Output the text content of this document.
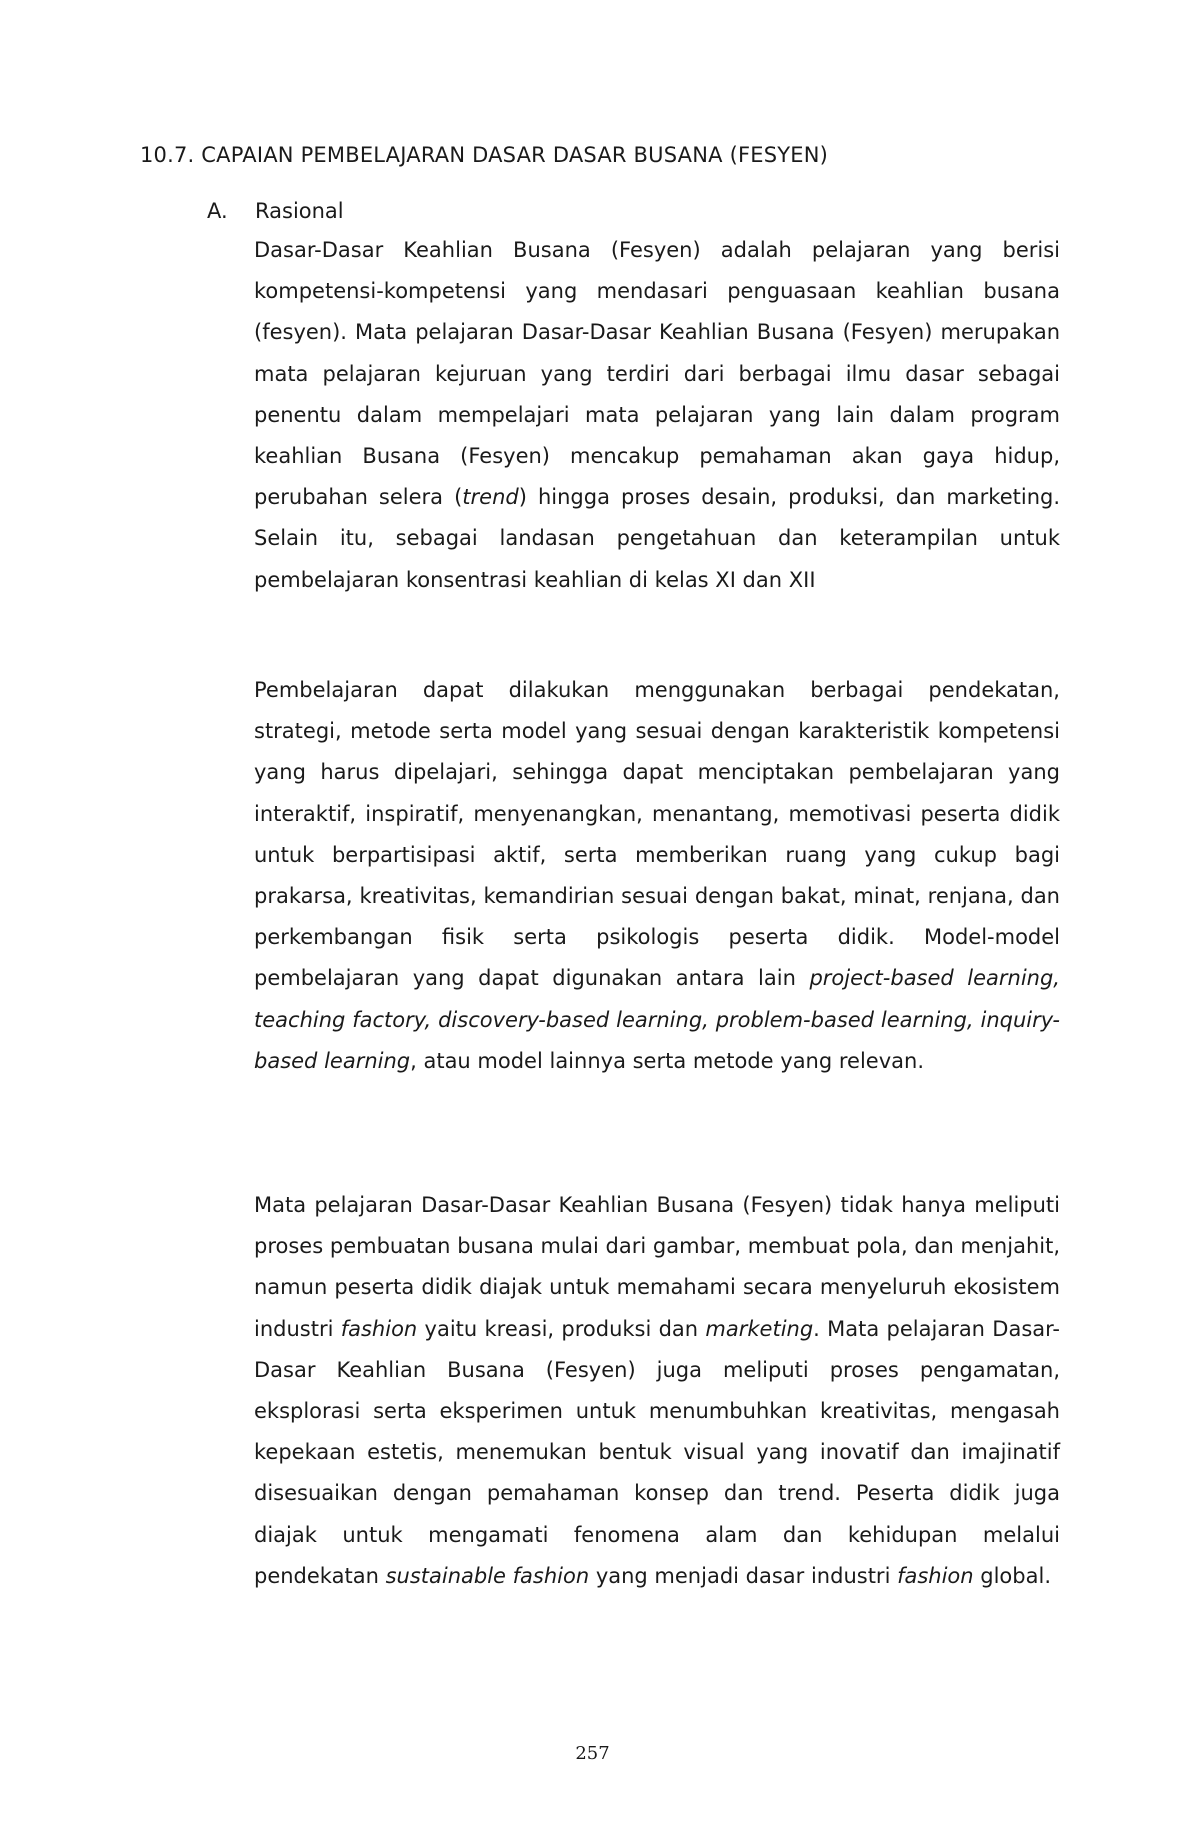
10.7. CAPAIAN PEMBELAJARAN DASAR DASAR BUSANA (FESYEN)
A. Rasional

Dasar-Dasar Keahlian Busana (Fesyen) adalah pelajaran yang berisi kompetensi-kompetensi yang mendasari penguasaan keahlian busana (fesyen). Mata pelajaran Dasar-Dasar Keahlian Busana (Fesyen) merupakan mata pelajaran kejuruan yang terdiri dari berbagai ilmu dasar sebagai penentu dalam mempelajari mata pelajaran yang lain dalam program keahlian Busana (Fesyen) mencakup pemahaman akan gaya hidup, perubahan selera (trend) hingga proses desain, produksi, dan marketing. Selain itu, sebagai landasan pengetahuan dan keterampilan untuk pembelajaran konsentrasi keahlian di kelas XI dan XII

Pembelajaran dapat dilakukan menggunakan berbagai pendekatan, strategi, metode serta model yang sesuai dengan karakteristik kompetensi yang harus dipelajari, sehingga dapat menciptakan pembelajaran yang interaktif, inspiratif, menyenangkan, menantang, memotivasi peserta didik untuk berpartisipasi aktif, serta memberikan ruang yang cukup bagi prakarsa, kreativitas, kemandirian sesuai dengan bakat, minat, renjana, dan perkembangan fisik serta psikologis peserta didik. Model-model pembelajaran yang dapat digunakan antara lain project-based learning, teaching factory, discovery-based learning, problem-based learning, inquiry-based learning, atau model lainnya serta metode yang relevan.

Mata pelajaran Dasar-Dasar Keahlian Busana (Fesyen) tidak hanya meliputi proses pembuatan busana mulai dari gambar, membuat pola, dan menjahit, namun peserta didik diajak untuk memahami secara menyeluruh ekosistem industri fashion yaitu kreasi, produksi dan marketing. Mata pelajaran Dasar-Dasar Keahlian Busana (Fesyen) juga meliputi proses pengamatan, eksplorasi serta eksperimen untuk menumbuhkan kreativitas, mengasah kepekaan estetis, menemukan bentuk visual yang inovatif dan imajinatif disesuaikan dengan pemahaman konsep dan trend. Peserta didik juga diajak untuk mengamati fenomena alam dan kehidupan melalui pendekatan sustainable fashion yang menjadi dasar industri fashion global.

257
